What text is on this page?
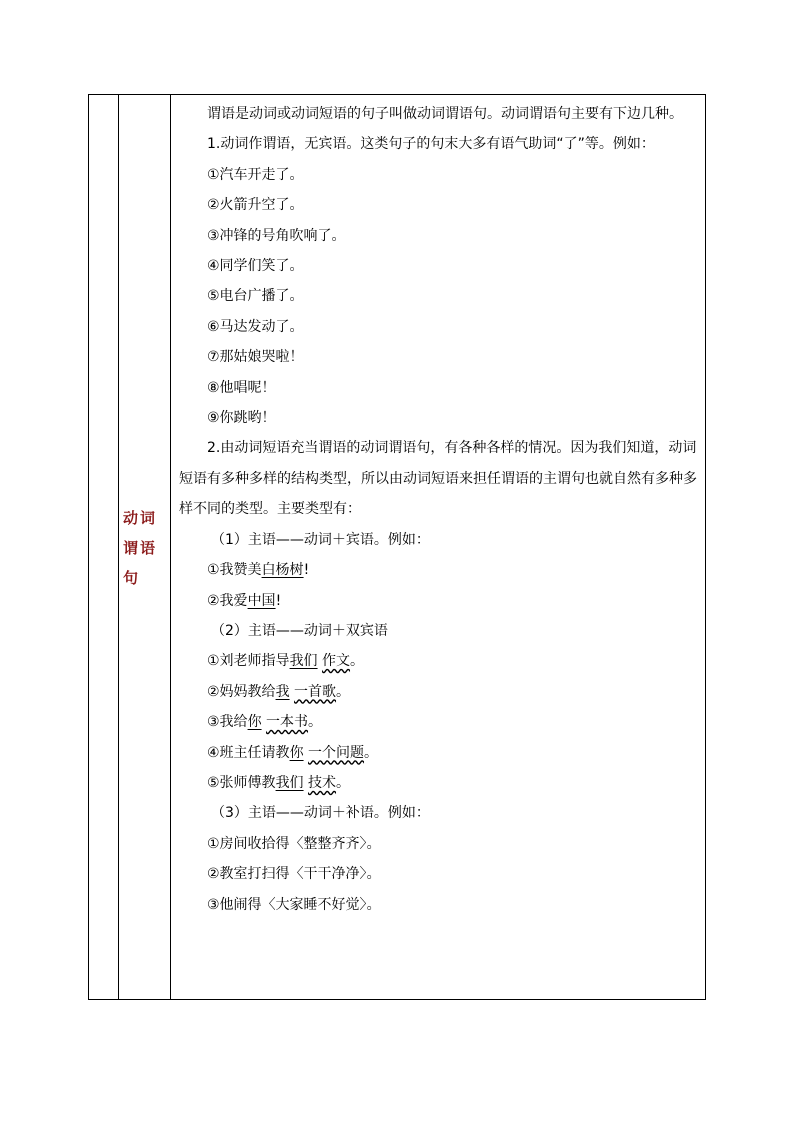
动词谓语句

谓语是动词或动词短语的句子叫做动词谓语句。动词谓语句主要有下边几种。

1.动词作谓语，无宾语。这类句子的句末大多有语气助词“了”等。例如：

①汽车开走了。

②火箭升空了。

③冲锋的号角吹响了。

④同学们笑了。

⑤电台广播了。

⑥马达发动了。

⑦那姑娘哭啦！

⑧他唱呢！

⑨你跳哟！

2.由动词短语充当谓语的动词谓语句，有各种各样的情况。因为我们知道，动词短语有多种多样的结构类型，所以由动词短语来担任谓语的主谓句也就自然有多种多样不同的类型。主要类型有：

（1）主语——动词＋宾语。例如：

①我赞美白杨树!

②我爱中国!

（2）主语——动词＋双宾语

①刘老师指导我们 作文。

②妈妈教给我 一首歌。

③我给你 一本书。

④班主任请教你 一个问题。

⑤张师傅教我们 技术。

（3）主语——动词＋补语。例如：

①房间收拾得〈整整齐齐〉。

②教室打扫得〈干干净净〉。

③他闹得〈大家睡不好觉〉。
